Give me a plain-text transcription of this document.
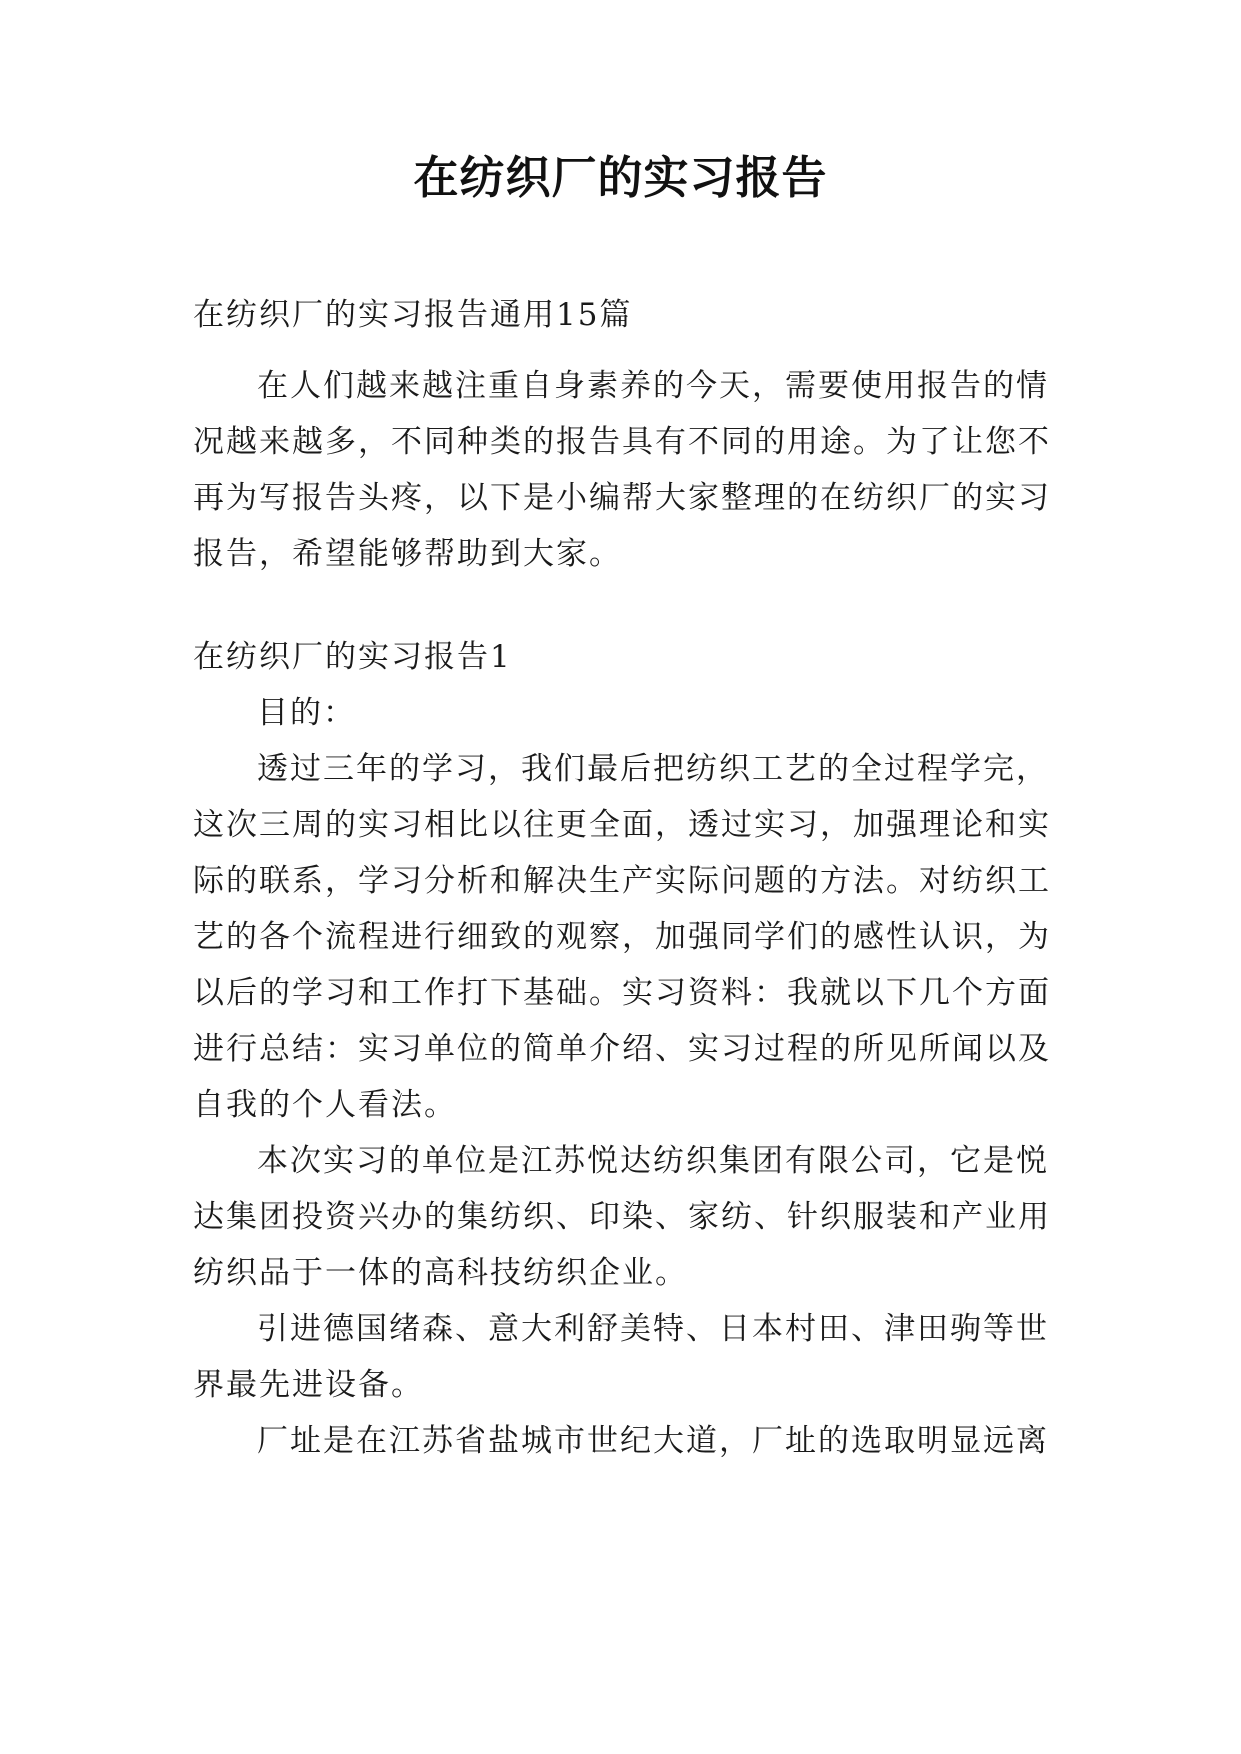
在纺织厂的实习报告
在纺织厂的实习报告通用15篇
在人们越来越注重自身素养的今天，需要使用报告的情
况越来越多，不同种类的报告具有不同的用途。为了让您不
再为写报告头疼，以下是小编帮大家整理的在纺织厂的实习
报告，希望能够帮助到大家。
在纺织厂的实习报告1
目的：
透过三年的学习，我们最后把纺织工艺的全过程学完，
这次三周的实习相比以往更全面，透过实习，加强理论和实
际的联系，学习分析和解决生产实际问题的方法。对纺织工
艺的各个流程进行细致的观察，加强同学们的感性认识，为
以后的学习和工作打下基础。实习资料：我就以下几个方面
进行总结：实习单位的简单介绍、实习过程的所见所闻以及
自我的个人看法。
本次实习的单位是江苏悦达纺织集团有限公司，它是悦
达集团投资兴办的集纺织、印染、家纺、针织服装和产业用
纺织品于一体的高科技纺织企业。
引进德国绪森、意大利舒美特、日本村田、津田驹等世
界最先进设备。
厂址是在江苏省盐城市世纪大道，厂址的选取明显远离
